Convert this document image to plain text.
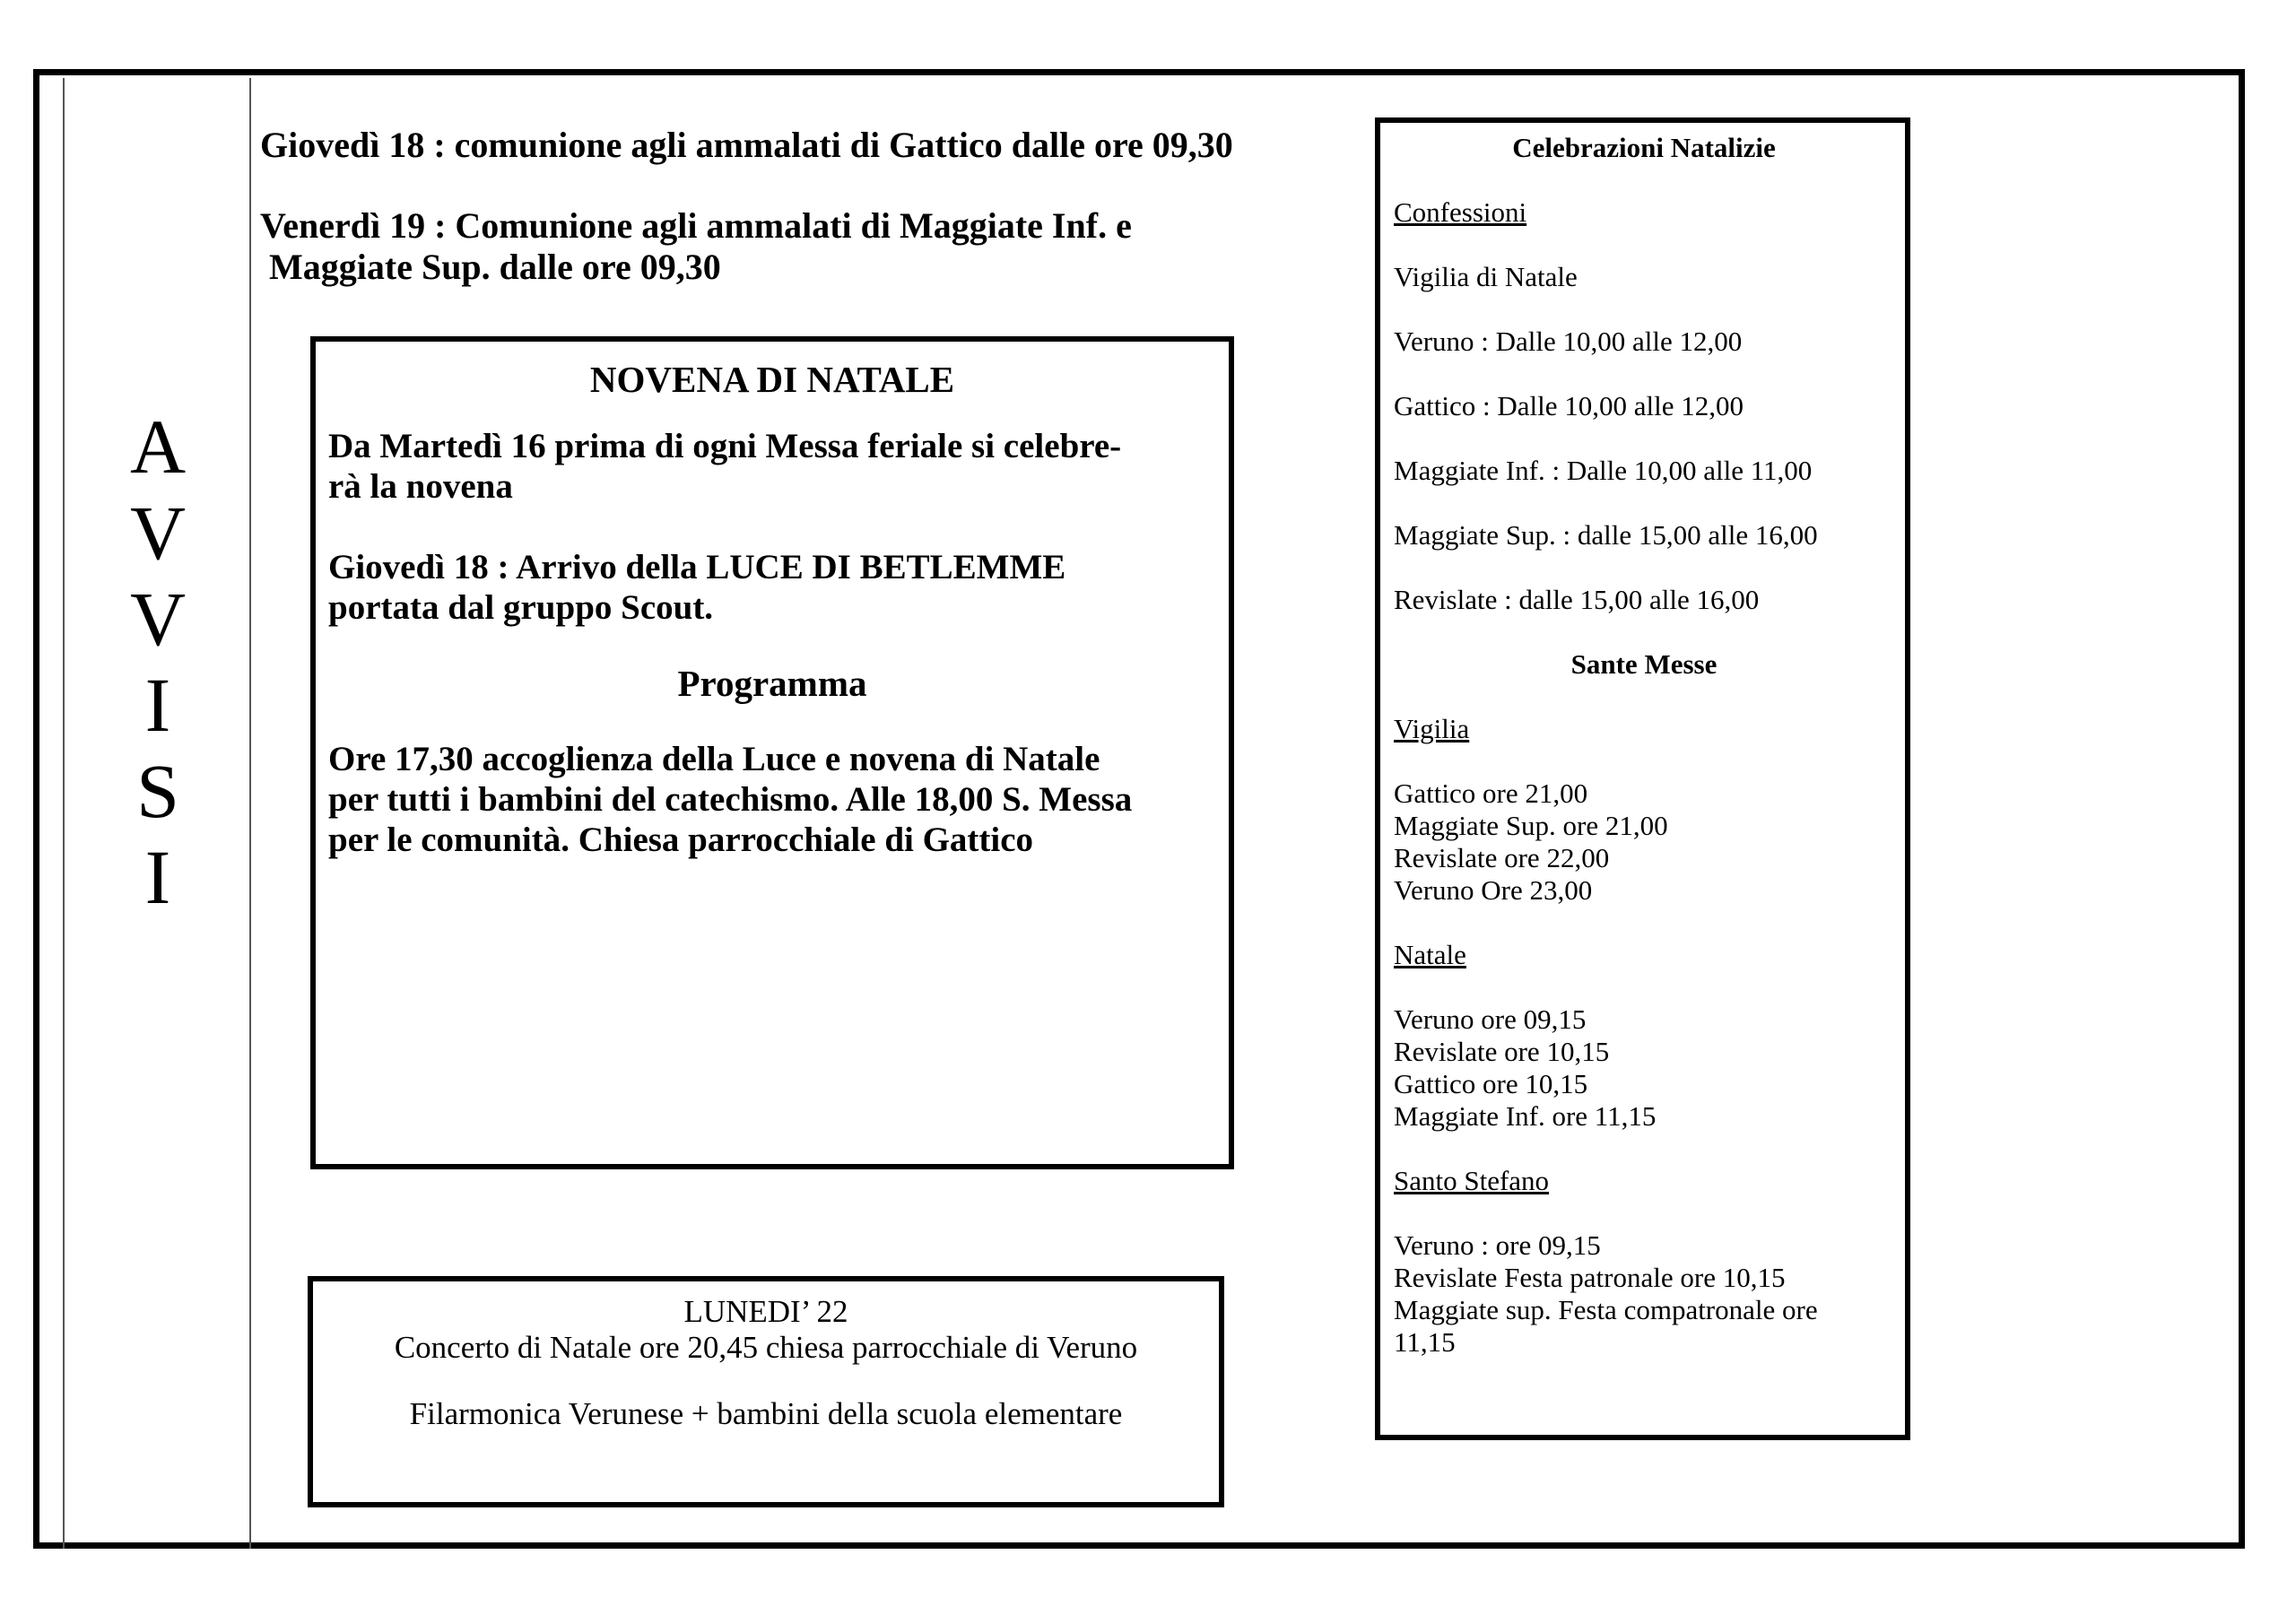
A
V
V
I
S
I
Giovedì 18 : comunione agli ammalati di Gattico dalle ore 09,30
Venerdì 19 : Comunione agli ammalati di Maggiate Inf. e
Maggiate Sup. dalle ore 09,30

NOVENA DI NATALE

Da Martedì 16 prima di ogni Messa feriale si celebre-

rà la novena

Giovedì 18 : Arrivo della LUCE DI BETLEMME

portata dal gruppo Scout.

Programma

Ore 17,30 accoglienza della Luce e novena di Natale

per tutti i bambini del catechismo. Alle 18,00 S. Messa

per le comunità. Chiesa parrocchiale di Gattico

LUNEDI’ 22

Concerto di Natale ore 20,45 chiesa parrocchiale di Veruno

Filarmonica Verunese + bambini della scuola elementare

Celebrazioni Natalizie

Confessioni

Vigilia di Natale

Veruno : Dalle 10,00 alle 12,00

Gattico : Dalle 10,00 alle 12,00

Maggiate Inf. : Dalle 10,00 alle 11,00

Maggiate Sup. : dalle 15,00 alle 16,00

Revislate : dalle 15,00 alle 16,00

Sante Messe

Vigilia

Gattico ore 21,00

Maggiate Sup. ore 21,00

Revislate ore 22,00

Veruno Ore 23,00

Natale

Veruno ore 09,15

Revislate ore 10,15

Gattico ore 10,15

Maggiate Inf. ore 11,15

Santo Stefano

Veruno : ore 09,15

Revislate Festa patronale ore 10,15

Maggiate sup. Festa compatronale ore

11,15
